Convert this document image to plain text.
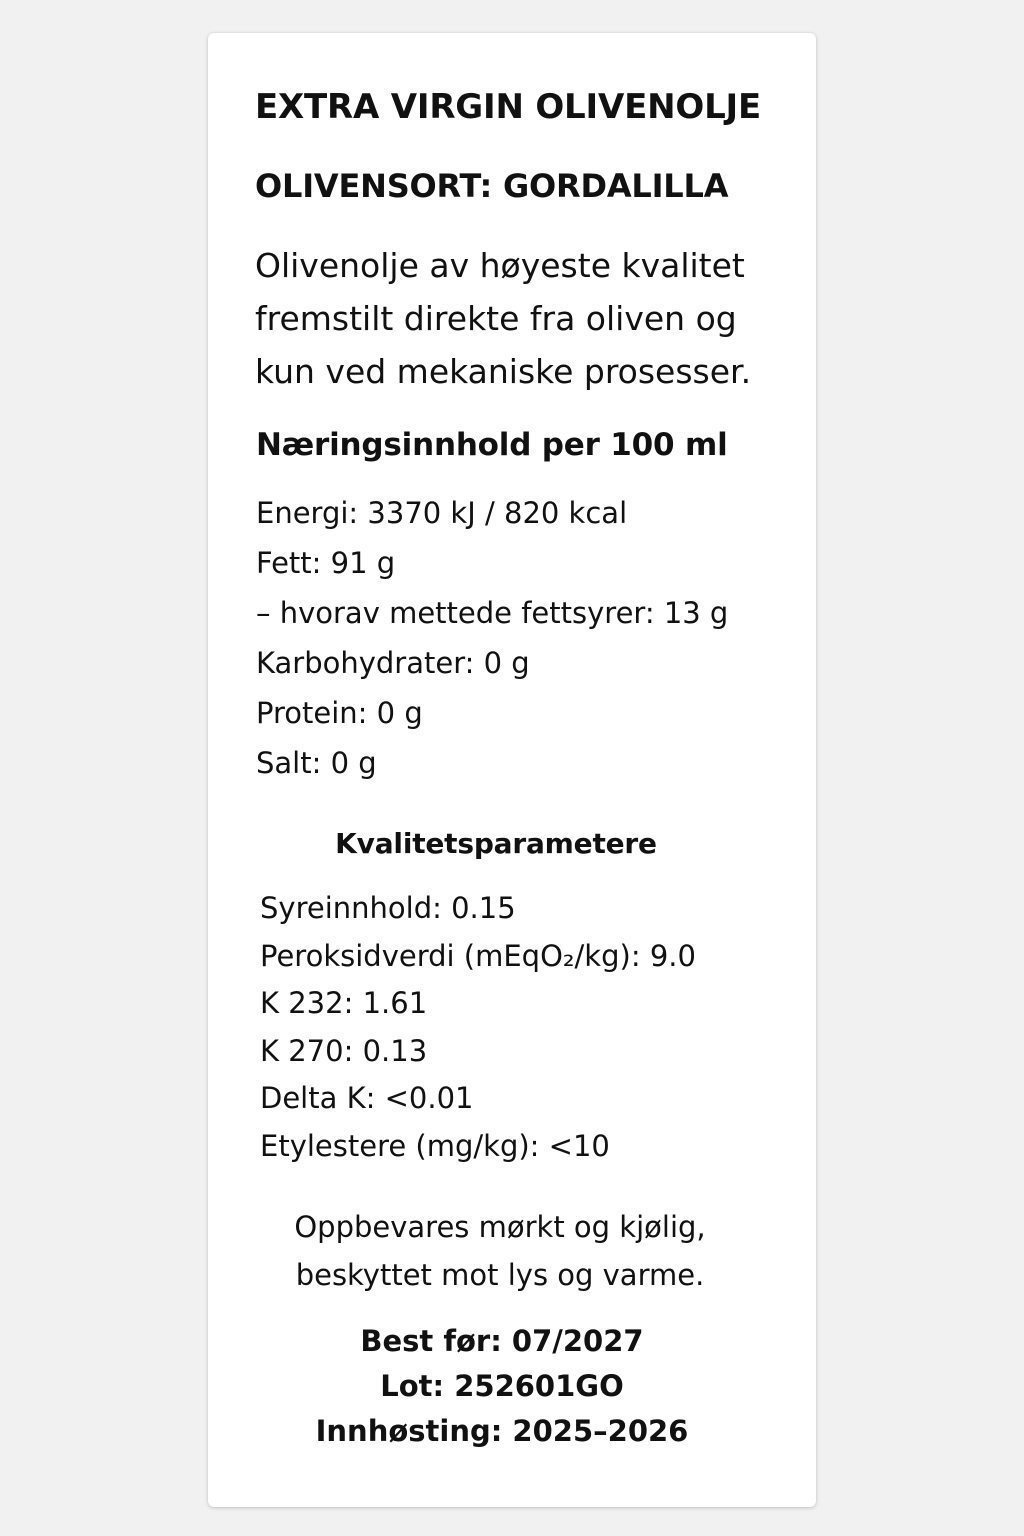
EXTRA VIRGIN OLIVENOLJE
OLIVENSORT: GORDALILLA
Olivenolje av høyeste kvalitet
fremstilt direkte fra oliven og
kun ved mekaniske prosesser.
Næringsinnhold per 100 ml
Energi: 3370 kJ / 820 kcal
Fett: 91 g
– hvorav mettede fettsyrer: 13 g
Karbohydrater: 0 g
Protein: 0 g
Salt: 0 g
Kvalitetsparametere
Syreinnhold: 0.15
Peroksidverdi (mEqO₂/kg): 9.0
K 232: 1.61
K 270: 0.13
Delta K: <0.01
Etylestere (mg/kg): <10
Oppbevares mørkt og kjølig,
beskyttet mot lys og varme.
Best før: 07/2027
Lot: 252601GO
Innhøsting: 2025–2026
